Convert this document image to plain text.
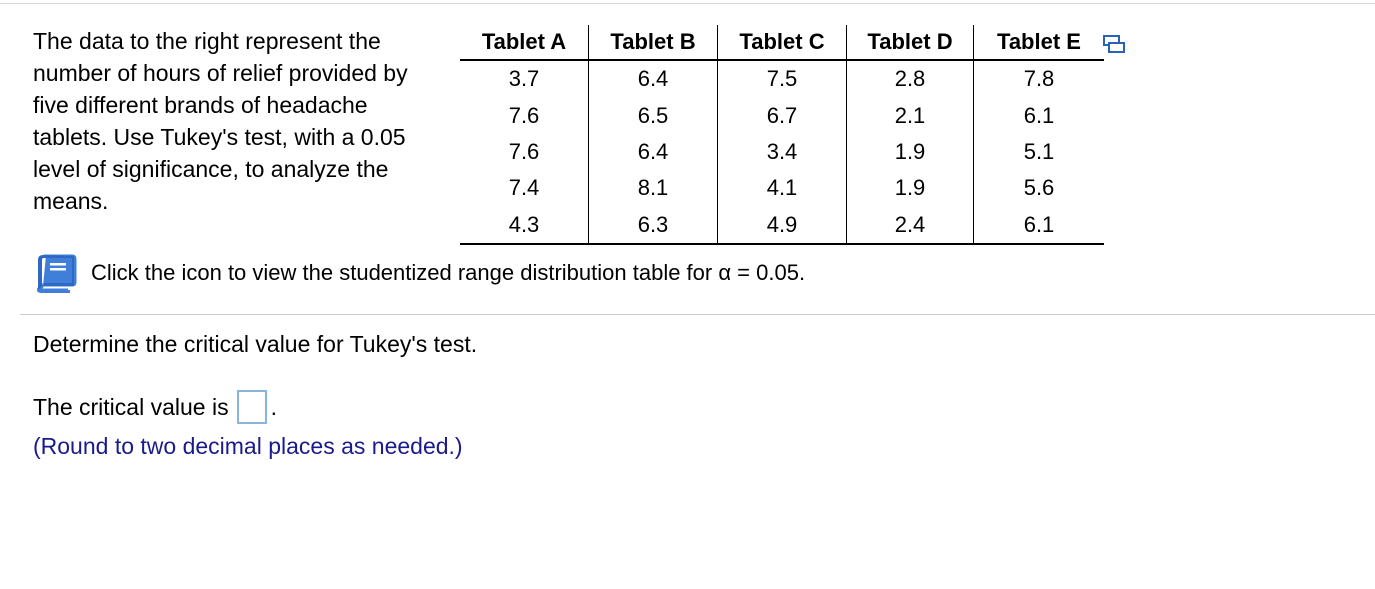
The data to the right represent the number of hours of relief provided by five different brands of headache tablets. Use Tukey's test, with a 0.05 level of significance, to analyze the means.

Tablet A	Tablet B	Tablet C	Tablet D	Tablet E
3.7	6.4	7.5	2.8	7.8
7.6	6.5	6.7	2.1	6.1
7.6	6.4	3.4	1.9	5.1
7.4	8.1	4.1	1.9	5.6
4.3	6.3	4.9	2.4	6.1

Click the icon to view the studentized range distribution table for α = 0.05.

Determine the critical value for Tukey's test.

The critical value is .

(Round to two decimal places as needed.)
